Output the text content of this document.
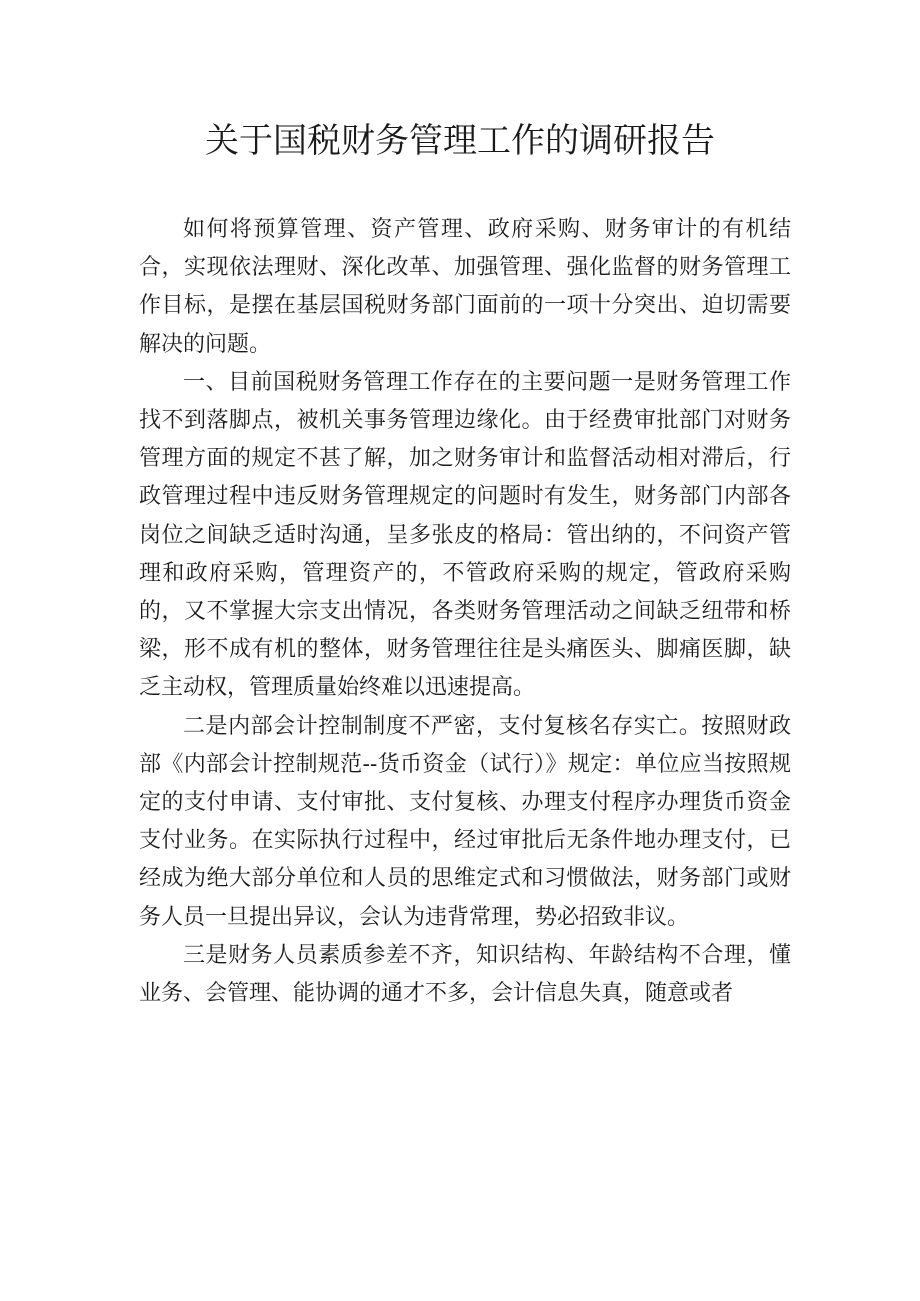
关于国税财务管理工作的调研报告

如何将预算管理、资产管理、政府采购、财务审计的有机结合，实现依法理财、深化改革、加强管理、强化监督的财务管理工作目标，是摆在基层国税财务部门面前的一项十分突出、迫切需要解决的问题。

一、目前国税财务管理工作存在的主要问题一是财务管理工作找不到落脚点，被机关事务管理边缘化。由于经费审批部门对财务管理方面的规定不甚了解，加之财务审计和监督活动相对滞后，行政管理过程中违反财务管理规定的问题时有发生，财务部门内部各岗位之间缺乏适时沟通，呈多张皮的格局：管出纳的，不问资产管理和政府采购，管理资产的，不管政府采购的规定，管政府采购的，又不掌握大宗支出情况，各类财务管理活动之间缺乏纽带和桥梁，形不成有机的整体，财务管理往往是头痛医头、脚痛医脚，缺乏主动权，管理质量始终难以迅速提高。

二是内部会计控制制度不严密，支付复核名存实亡。按照财政部《内部会计控制规范--货币资金（试行）》规定：单位应当按照规定的支付申请、支付审批、支付复核、办理支付程序办理货币资金支付业务。在实际执行过程中，经过审批后无条件地办理支付，已经成为绝大部分单位和人员的思维定式和习惯做法，财务部门或财务人员一旦提出异议，会认为违背常理，势必招致非议。

三是财务人员素质参差不齐，知识结构、年龄结构不合理，懂业务、会管理、能协调的通才不多，会计信息失真，随意或者
